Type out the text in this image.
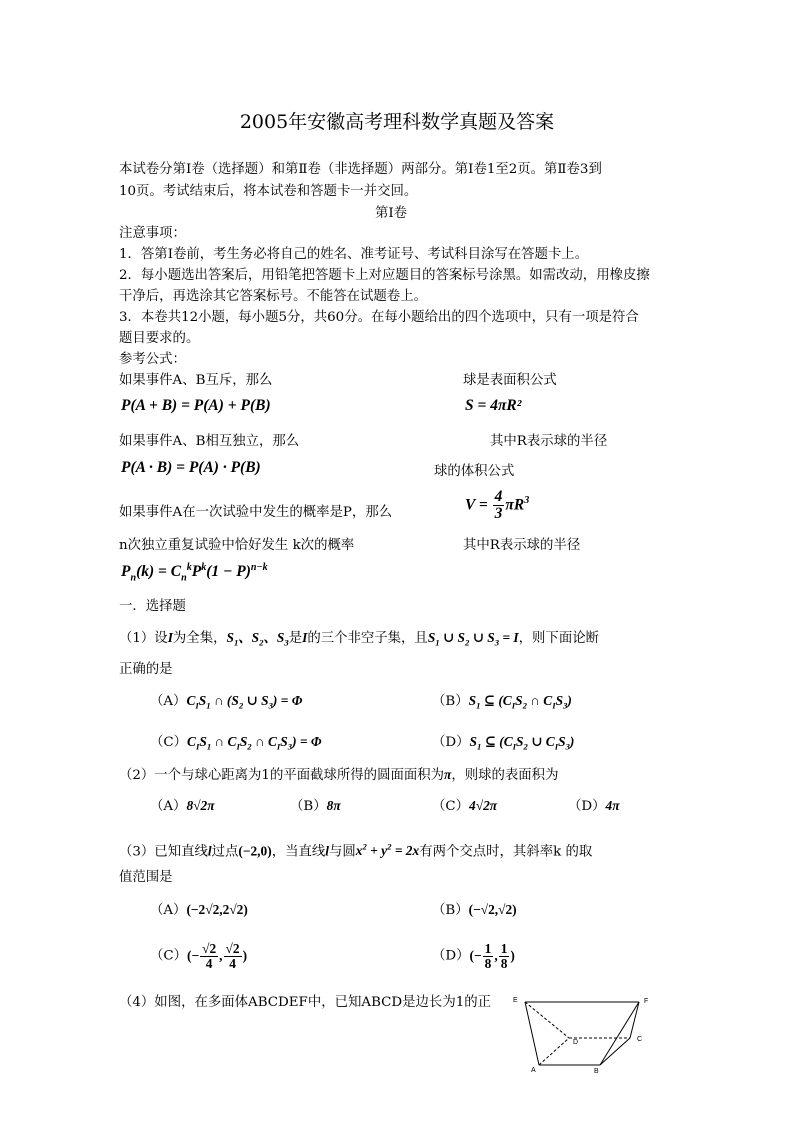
2005年安徽高考理科数学真题及答案
本试卷分第Ⅰ卷（选择题）和第Ⅱ卷（非选择题）两部分。第Ⅰ卷1至2页。第Ⅱ卷3到
10页。考试结束后，将本试卷和答题卡一并交回。
第Ⅰ卷
注意事项：
1．答第Ⅰ卷前，考生务必将自己的姓名、准考证号、考试科目涂写在答题卡上。
2．每小题选出答案后，用铅笔把答题卡上对应题目的答案标号涂黑。如需改动，用橡皮擦
干净后，再选涂其它答案标号。不能答在试题卷上。
3．本卷共12小题，每小题5分，共60分。在每小题给出的四个选项中，只有一项是符合
题目要求的。
参考公式：
如果事件A、B互斥，那么
P(A + B) = P(A) + P(B)
如果事件A、B相互独立，那么
P(A · B) = P(A) · P(B)
如果事件A在一次试验中发生的概率是P，那么
n次独立重复试验中恰好发生 k次的概率
$P_n(k) = C_n^kP^k(1 - P)^{n-k}$
球是表面积公式
S = 4πR²
其中R表示球的半径
球的体积公式
$V = \frac{4}{3} \pi R^3$
其中R表示球的半径
一．选择题
（1）设I为全集，$S_1$、$S_2$、$S_3$是I的三个非空子集，且$S_1$ ∪ $S_2$ ∪ $S_3 = I$，则下面论断
正确的是
$(A)C_IS_1$ ∩ ($S_2$ ∪ $S_3) = \Phi$	$(B)S_1$ ⊆ ($C_IS_2$ ∩ $C_IS_3$)
$(C)C_IS_1$ ∩ $C_IS_2$ ∩ $C_IS_3) = \Phi$	$(D)S_1$ ⊆ ($C_IS_2$ ∪ $C_IS_3$)
（2）一个与球心距离为1的平面截球所得的圆面面积为π，则球的表面积为
（A）8√2π	（B）8π	（C）4√2π	（D）4π
（3）已知直线l过点(−2,0)，当直线l与圆$x^2 + y^2 = 2x$有两个交点时，其斜率k 的取
值范围是
（A）(−2√2,2√2)	（B）(−√2,√2)
$(C)(- \frac{√2}{4}$ , $\frac{√2}{4}$ )	$(D)(- \frac{1}{8}$ , $\frac{1}{8}$ )
（4）如图，在多面体ABCDEF中，已知ABCD是边长为1的正	E	F
C
D
A	B
